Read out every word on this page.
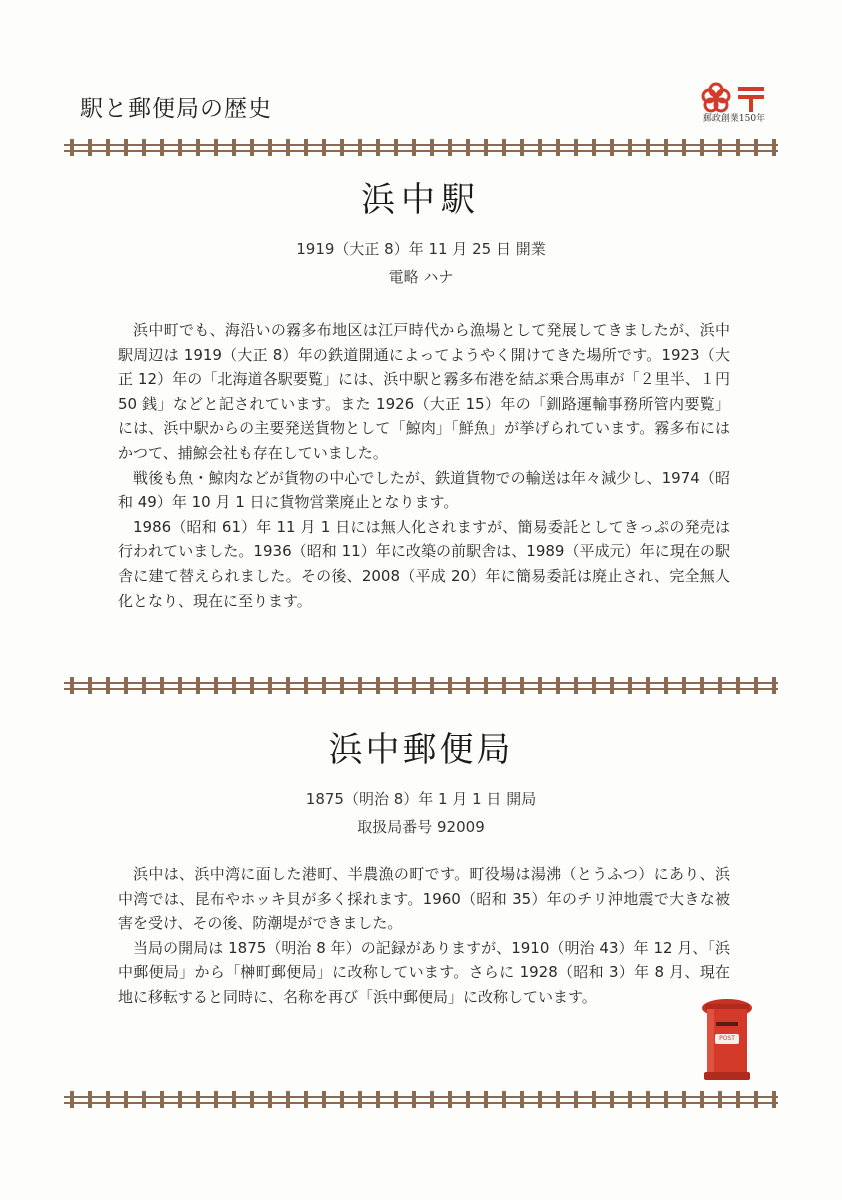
駅と郵便局の歴史	郵政創業150年
浜中駅
1919（大正 8）年 11 月 25 日 開業
電略 ハナ

浜中町でも、海沿いの霧多布地区は江戸時代から漁場として発展してきましたが、浜中駅周辺は 1919（大正 8）年の鉄道開通によってようやく開けてきた場所です。1923（大正 12）年の「北海道各駅要覧」には、浜中駅と霧多布港を結ぶ乗合馬車が「２里半、１円 50 銭」などと記されています。また 1926（大正 15）年の「釧路運輸事務所管内要覧」には、浜中駅からの主要発送貨物として「鯨肉」「鮮魚」が挙げられています。霧多布にはかつて、捕鯨会社も存在していました。

戦後も魚・鯨肉などが貨物の中心でしたが、鉄道貨物での輸送は年々減少し、1974（昭和 49）年 10 月 1 日に貨物営業廃止となります。

1986（昭和 61）年 11 月 1 日には無人化されますが、簡易委託としてきっぷの発売は行われていました。1936（昭和 11）年に改築の前駅舎は、1989（平成元）年に現在の駅舎に建て替えられました。その後、2008（平成 20）年に簡易委託は廃止され、完全無人化となり、現在に至ります。

浜中郵便局
1875（明治 8）年 1 月 1 日 開局
取扱局番号 92009

浜中は、浜中湾に面した港町、半農漁の町です。町役場は湯沸（とうふつ）にあり、浜中湾では、昆布やホッキ貝が多く採れます。1960（昭和 35）年のチリ沖地震で大きな被害を受け、その後、防潮堤ができました。

当局の開局は 1875（明治 8 年）の記録がありますが、1910（明治 43）年 12 月、「浜中郵便局」から「榊町郵便局」に改称しています。さらに 1928（昭和 3）年 8 月、現在地に移転すると同時に、名称を再び「浜中郵便局」に改称しています。

POST
